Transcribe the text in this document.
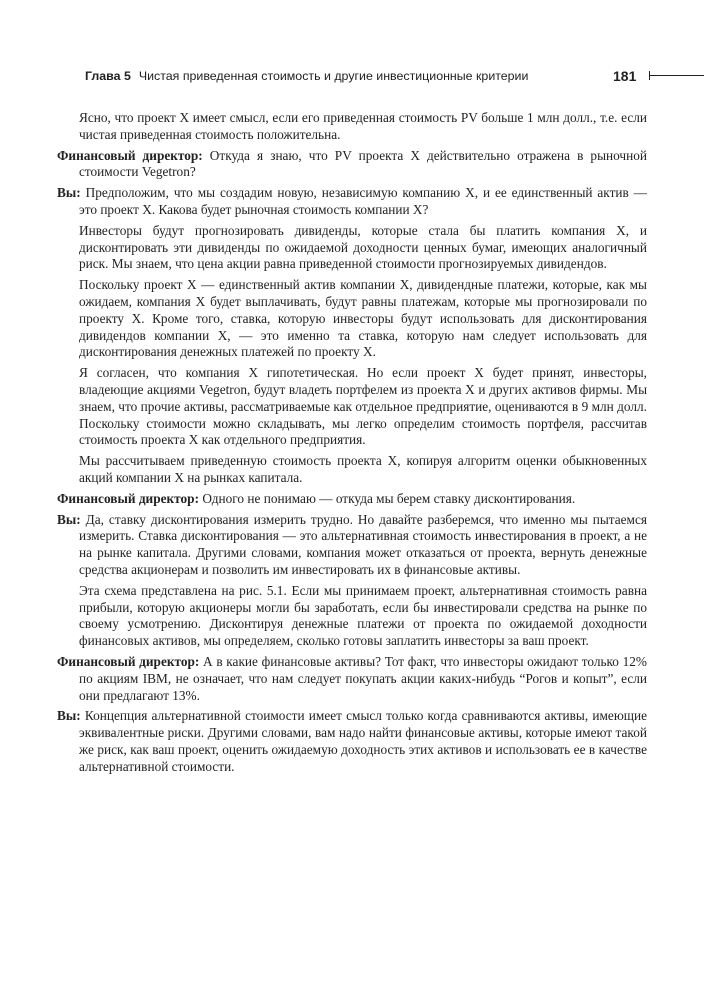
Глава 5 Чистая приведенная стоимость и другие инвестиционные критерии	181

Ясно, что проект X имеет смысл, если его приведенная стоимость PV больше 1 млн долл., т.е. если чистая приведенная стоимость положительна.

Финансовый директор: Откуда я знаю, что PV проекта X действительно отражена в рыночной стоимости Vegetron?

Вы: Предположим, что мы создадим новую, независимую компанию X, и ее единственный актив — это проект X. Какова будет рыночная стоимость компании X?

Инвесторы будут прогнозировать дивиденды, которые стала бы платить компания X, и дисконтировать эти дивиденды по ожидаемой доходности ценных бумаг, имеющих аналогичный риск. Мы знаем, что цена акции равна приведенной стоимости прогнозируемых дивидендов.

Поскольку проект X — единственный актив компании X, дивидендные платежи, которые, как мы ожидаем, компания X будет выплачивать, будут равны платежам, которые мы прогнозировали по проекту X. Кроме того, ставка, которую инвесторы будут использовать для дисконтирования дивидендов компании X, — это именно та ставка, которую нам следует использовать для дисконтирования денежных платежей по проекту X.

Я согласен, что компания X гипотетическая. Но если проект X будет принят, инвесторы, владеющие акциями Vegetron, будут владеть портфелем из проекта X и других активов фирмы. Мы знаем, что прочие активы, рассматриваемые как отдельное предприятие, оцениваются в 9 млн долл. Поскольку стоимости можно складывать, мы легко определим стоимость портфеля, рассчитав стоимость проекта X как отдельного предприятия.

Мы рассчитываем приведенную стоимость проекта X, копируя алгоритм оценки обыкновенных акций компании X на рынках капитала.

Финансовый директор: Одного не понимаю — откуда мы берем ставку дисконтирования.

Вы: Да, ставку дисконтирования измерить трудно. Но давайте разберемся, что именно мы пытаемся измерить. Ставка дисконтирования — это альтернативная стоимость инвестирования в проект, а не на рынке капитала. Другими словами, компания может отказаться от проекта, вернуть денежные средства акционерам и позволить им инвестировать их в финансовые активы.

Эта схема представлена на рис. 5.1. Если мы принимаем проект, альтернативная стоимость равна прибыли, которую акционеры могли бы заработать, если бы инвестировали средства на рынке по своему усмотрению. Дисконтируя денежные платежи от проекта по ожидаемой доходности финансовых активов, мы определяем, сколько готовы заплатить инвесторы за ваш проект.

Финансовый директор: А в какие финансовые активы? Тот факт, что инвесторы ожидают только 12% по акциям IBM, не означает, что нам следует покупать акции каких-нибудь “Рогов и копыт”, если они предлагают 13%.

Вы: Концепция альтернативной стоимости имеет смысл только когда сравниваются активы, имеющие эквивалентные риски. Другими словами, вам надо найти финансовые активы, которые имеют такой же риск, как ваш проект, оценить ожидаемую доходность этих активов и использовать ее в качестве альтернативной стоимости.
